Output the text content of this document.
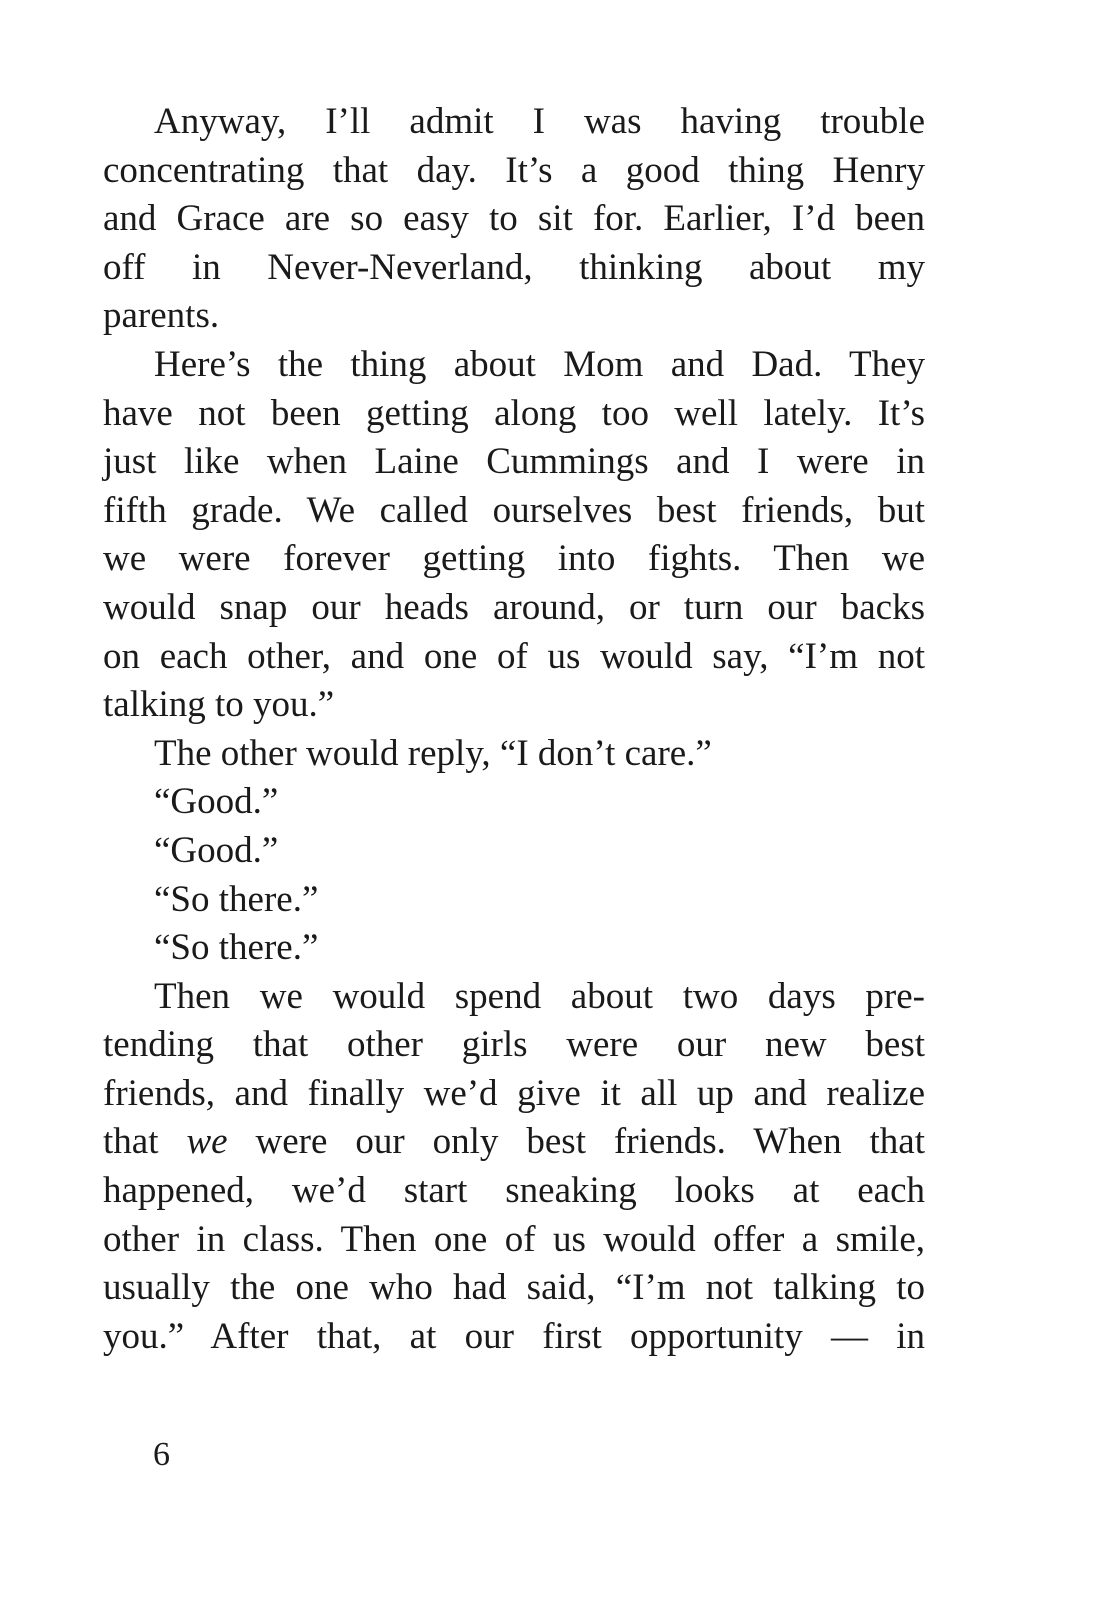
Anyway, I’ll admit I was having trouble
concentrating that day. It’s a good thing Henry
and Grace are so easy to sit for. Earlier, I’d been
off in Never-Neverland, thinking about my
parents.
Here’s the thing about Mom and Dad. They
have not been getting along too well lately. It’s
just like when Laine Cummings and I were in
fifth grade. We called ourselves best friends, but
we were forever getting into fights. Then we
would snap our heads around, or turn our backs
on each other, and one of us would say, “I’m not
talking to you.”
The other would reply, “I don’t care.”
“Good.”
“Good.”
“So there.”
“So there.”
Then we would spend about two days pre-
tending that other girls were our new best
friends, and finally we’d give it all up and realize
that we were our only best friends. When that
happened, we’d start sneaking looks at each
other in class. Then one of us would offer a smile,
usually the one who had said, “I’m not talking to
you.” After that, at our first opportunity — in
6
